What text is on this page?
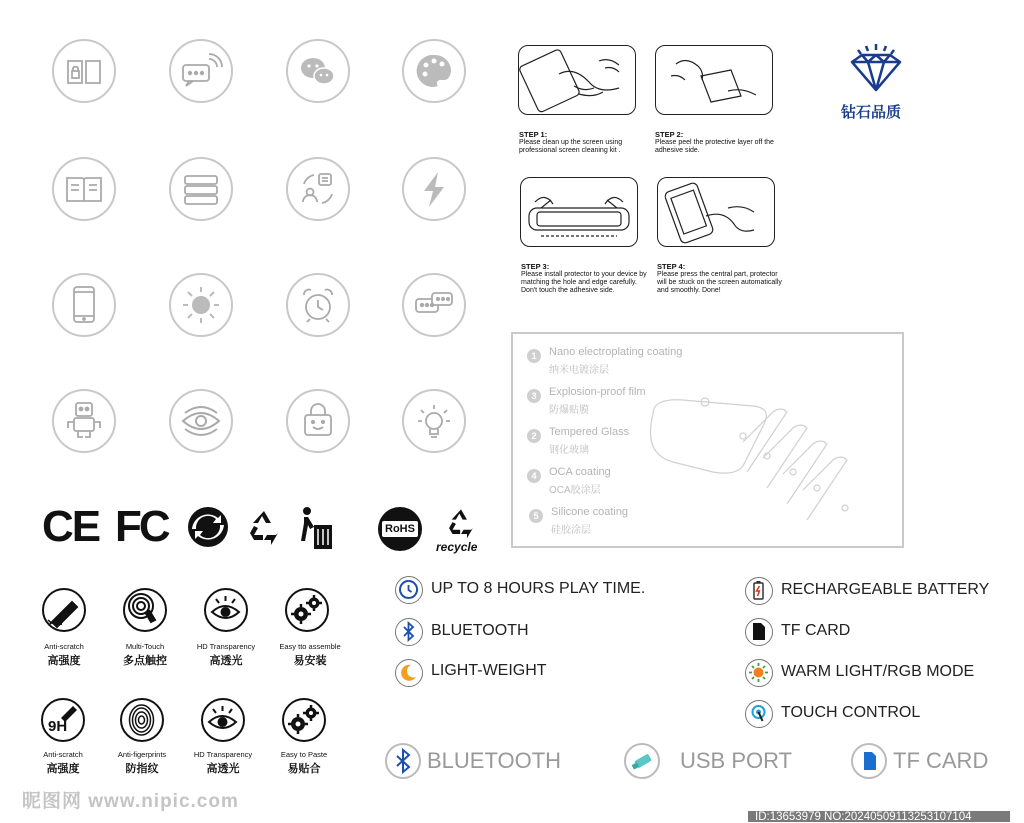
STEP 1:
Please clean up the screen using professional screen cleaning kit .
STEP 2:
Please peel the protective layer off the adhesive side.
STEP 3:
Please install protector to your device by matching the hole and edge carefully. Don't touch the adhesive side.
STEP 4:
Please press the central part, protector will be stuck on the screen automatically and smoothly. Done!
钻石品质
1	Nano electroplating coating
纳米电镀涂层
3	Explosion-proof film
防爆贴膜
2	Tempered Glass
钢化玻璃
4	OCA coating
OCA胶涂层
5	Silicone coating
硅胶涂层
CE FC	RoHS
recycle
Anti-scratch
高强度
Multi-Touch
多点触控
HD Transparency
高透光
Easy tto assemble
易安装
9H
Anti-scratch
高强度
Anti-figerprints
防指纹
HD Transparency
高透光
Easy to Paste
易贴合
UP TO 8 HOURS PLAY TIME.
BLUETOOTH
LIGHT-WEIGHT
RECHARGEABLE BATTERY
TF CARD
WARM LIGHT/RGB MODE
TOUCH CONTROL
BLUETOOTH	USB PORT	TF CARD
昵图网 www.nipic.com
ID:13653979 NO:20240509113253107104
